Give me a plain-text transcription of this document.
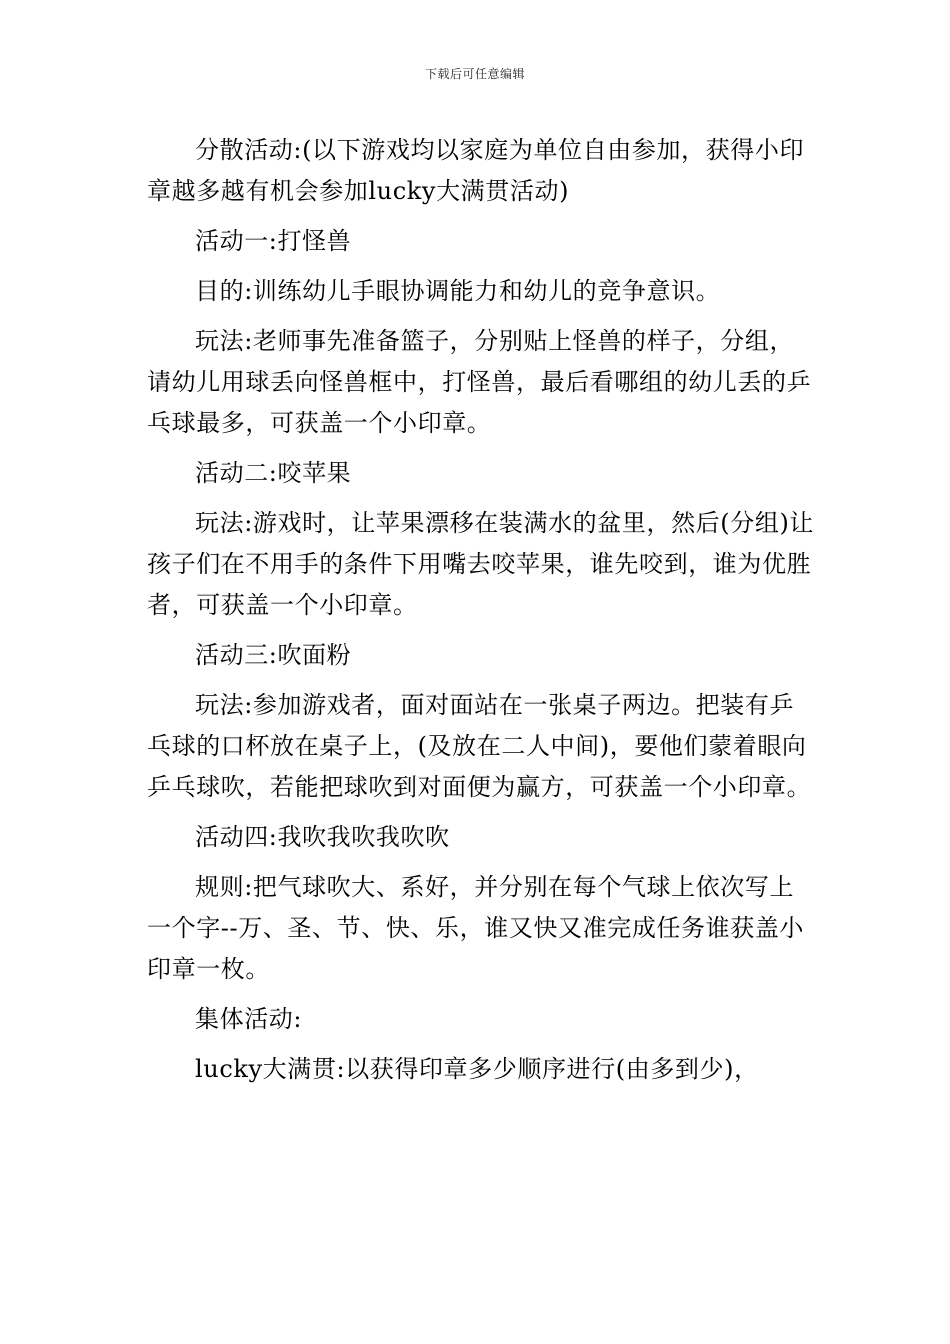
下载后可任意编辑

分散活动:(以下游戏均以家庭为单位自由参加，获得小印章越多越有机会参加lucky大满贯活动)

活动一:打怪兽

目的:训练幼儿手眼协调能力和幼儿的竞争意识。

玩法:老师事先准备篮子，分别贴上怪兽的样子，分组，请幼儿用球丢向怪兽框中，打怪兽，最后看哪组的幼儿丢的乒乓球最多，可获盖一个小印章。

活动二:咬苹果

玩法:游戏时，让苹果漂移在装满水的盆里，然后(分组)让孩子们在不用手的条件下用嘴去咬苹果，谁先咬到，谁为优胜者，可获盖一个小印章。

活动三:吹面粉

玩法:参加游戏者，面对面站在一张桌子两边。把装有乒乓球的口杯放在桌子上，(及放在二人中间)，要他们蒙着眼向乒乓球吹，若能把球吹到对面便为赢方，可获盖一个小印章。

活动四:我吹我吹我吹吹

规则:把气球吹大、系好，并分别在每个气球上依次写上一个字--万、圣、节、快、乐，谁又快又准完成任务谁获盖小印章一枚。

集体活动:

lucky大满贯:以获得印章多少顺序进行(由多到少)，
